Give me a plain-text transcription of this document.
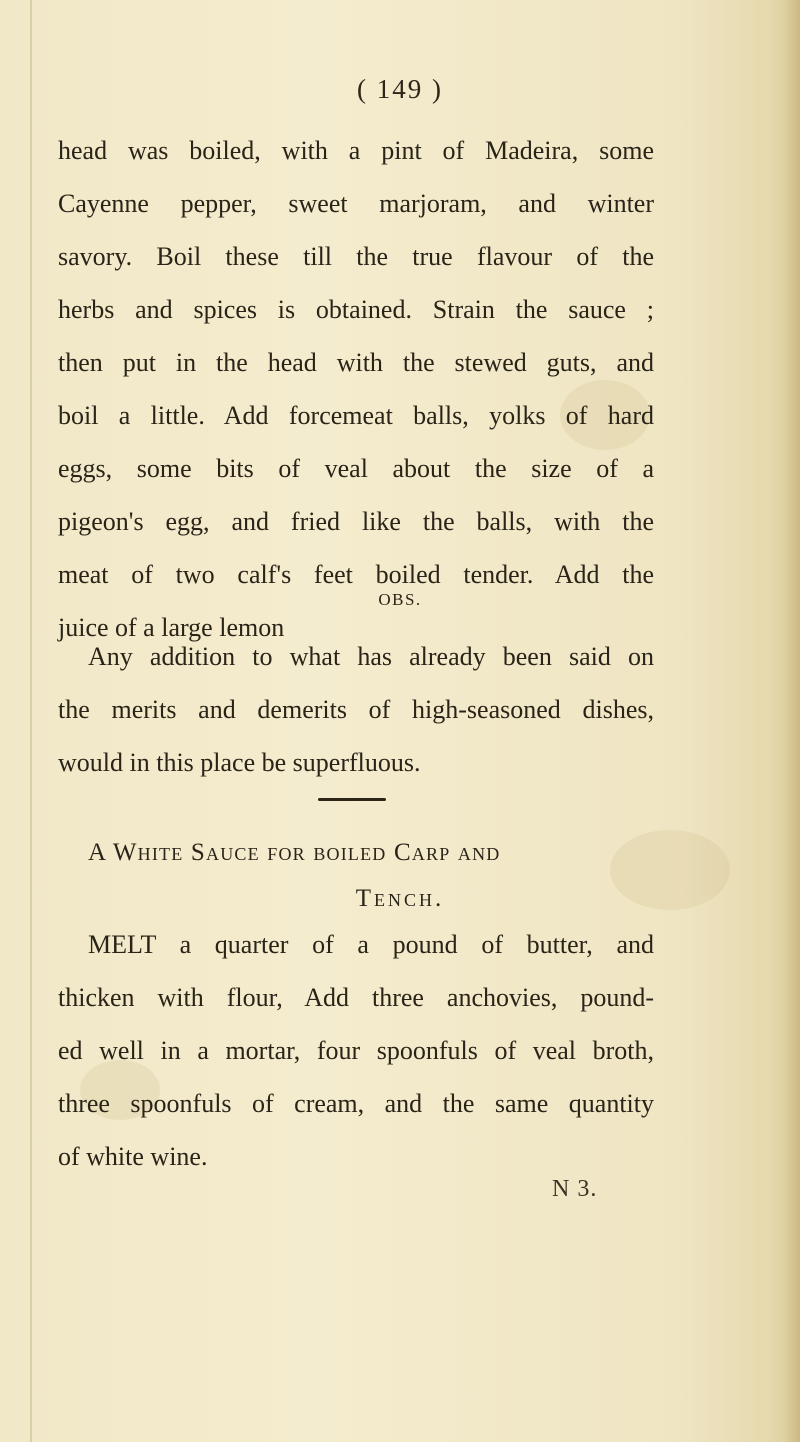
( 149 )
head was boiled, with a pint of Madeira, some
Cayenne pepper, sweet marjoram, and winter
savory. Boil these till the true flavour of the
herbs and spices is obtained. Strain the sauce ;
then put in the head with the stewed guts, and
boil a little. Add forcemeat balls, yolks of hard
eggs, some bits of veal about the size of a
pigeon's egg, and fried like the balls, with the
meat of two calf's feet boiled tender. Add the
juice of a large lemon
OBS.
Any addition to what has already been said on
the merits and demerits of high-seasoned dishes,
would in this place be superfluous.
A White Sauce for boiled Carp and
Tench.
MELT a quarter of a pound of butter, and
thicken with flour, Add three anchovies, pound-
ed well in a mortar, four spoonfuls of veal broth,
three spoonfuls of cream, and the same quantity
of white wine.
N 3.
